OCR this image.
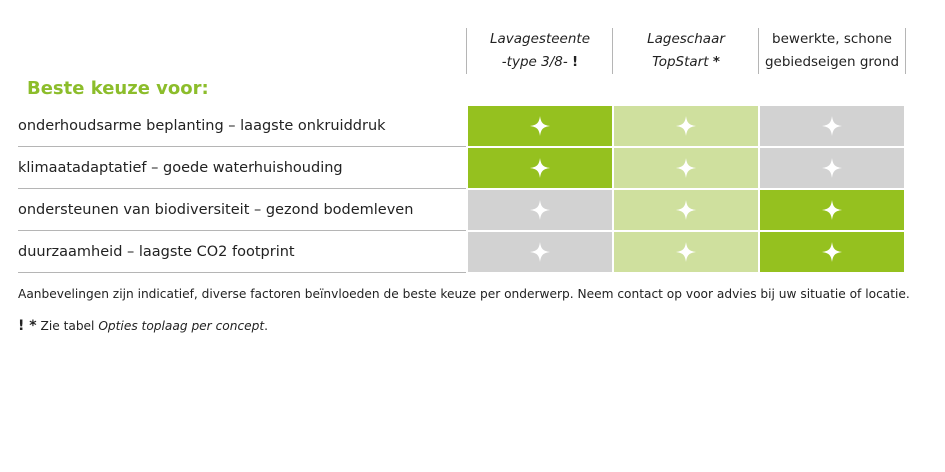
Lavagesteente
-type 3/8- !
Lageschaar
TopStart *
bewerkte, schone
gebiedseigen grond
Beste keuze voor:
onderhoudsarme beplanting – laagste onkruiddruk
klimaatadaptatief – goede waterhuishouding
ondersteunen van biodiversiteit – gezond bodemleven
duurzaamheid – laagste CO2 footprint
Aanbevelingen zijn indicatief, diverse factoren beïnvloeden de beste keuze per onderwerp. Neem contact op voor advies bij uw situatie of locatie.
! * Zie tabel Opties toplaag per concept.
